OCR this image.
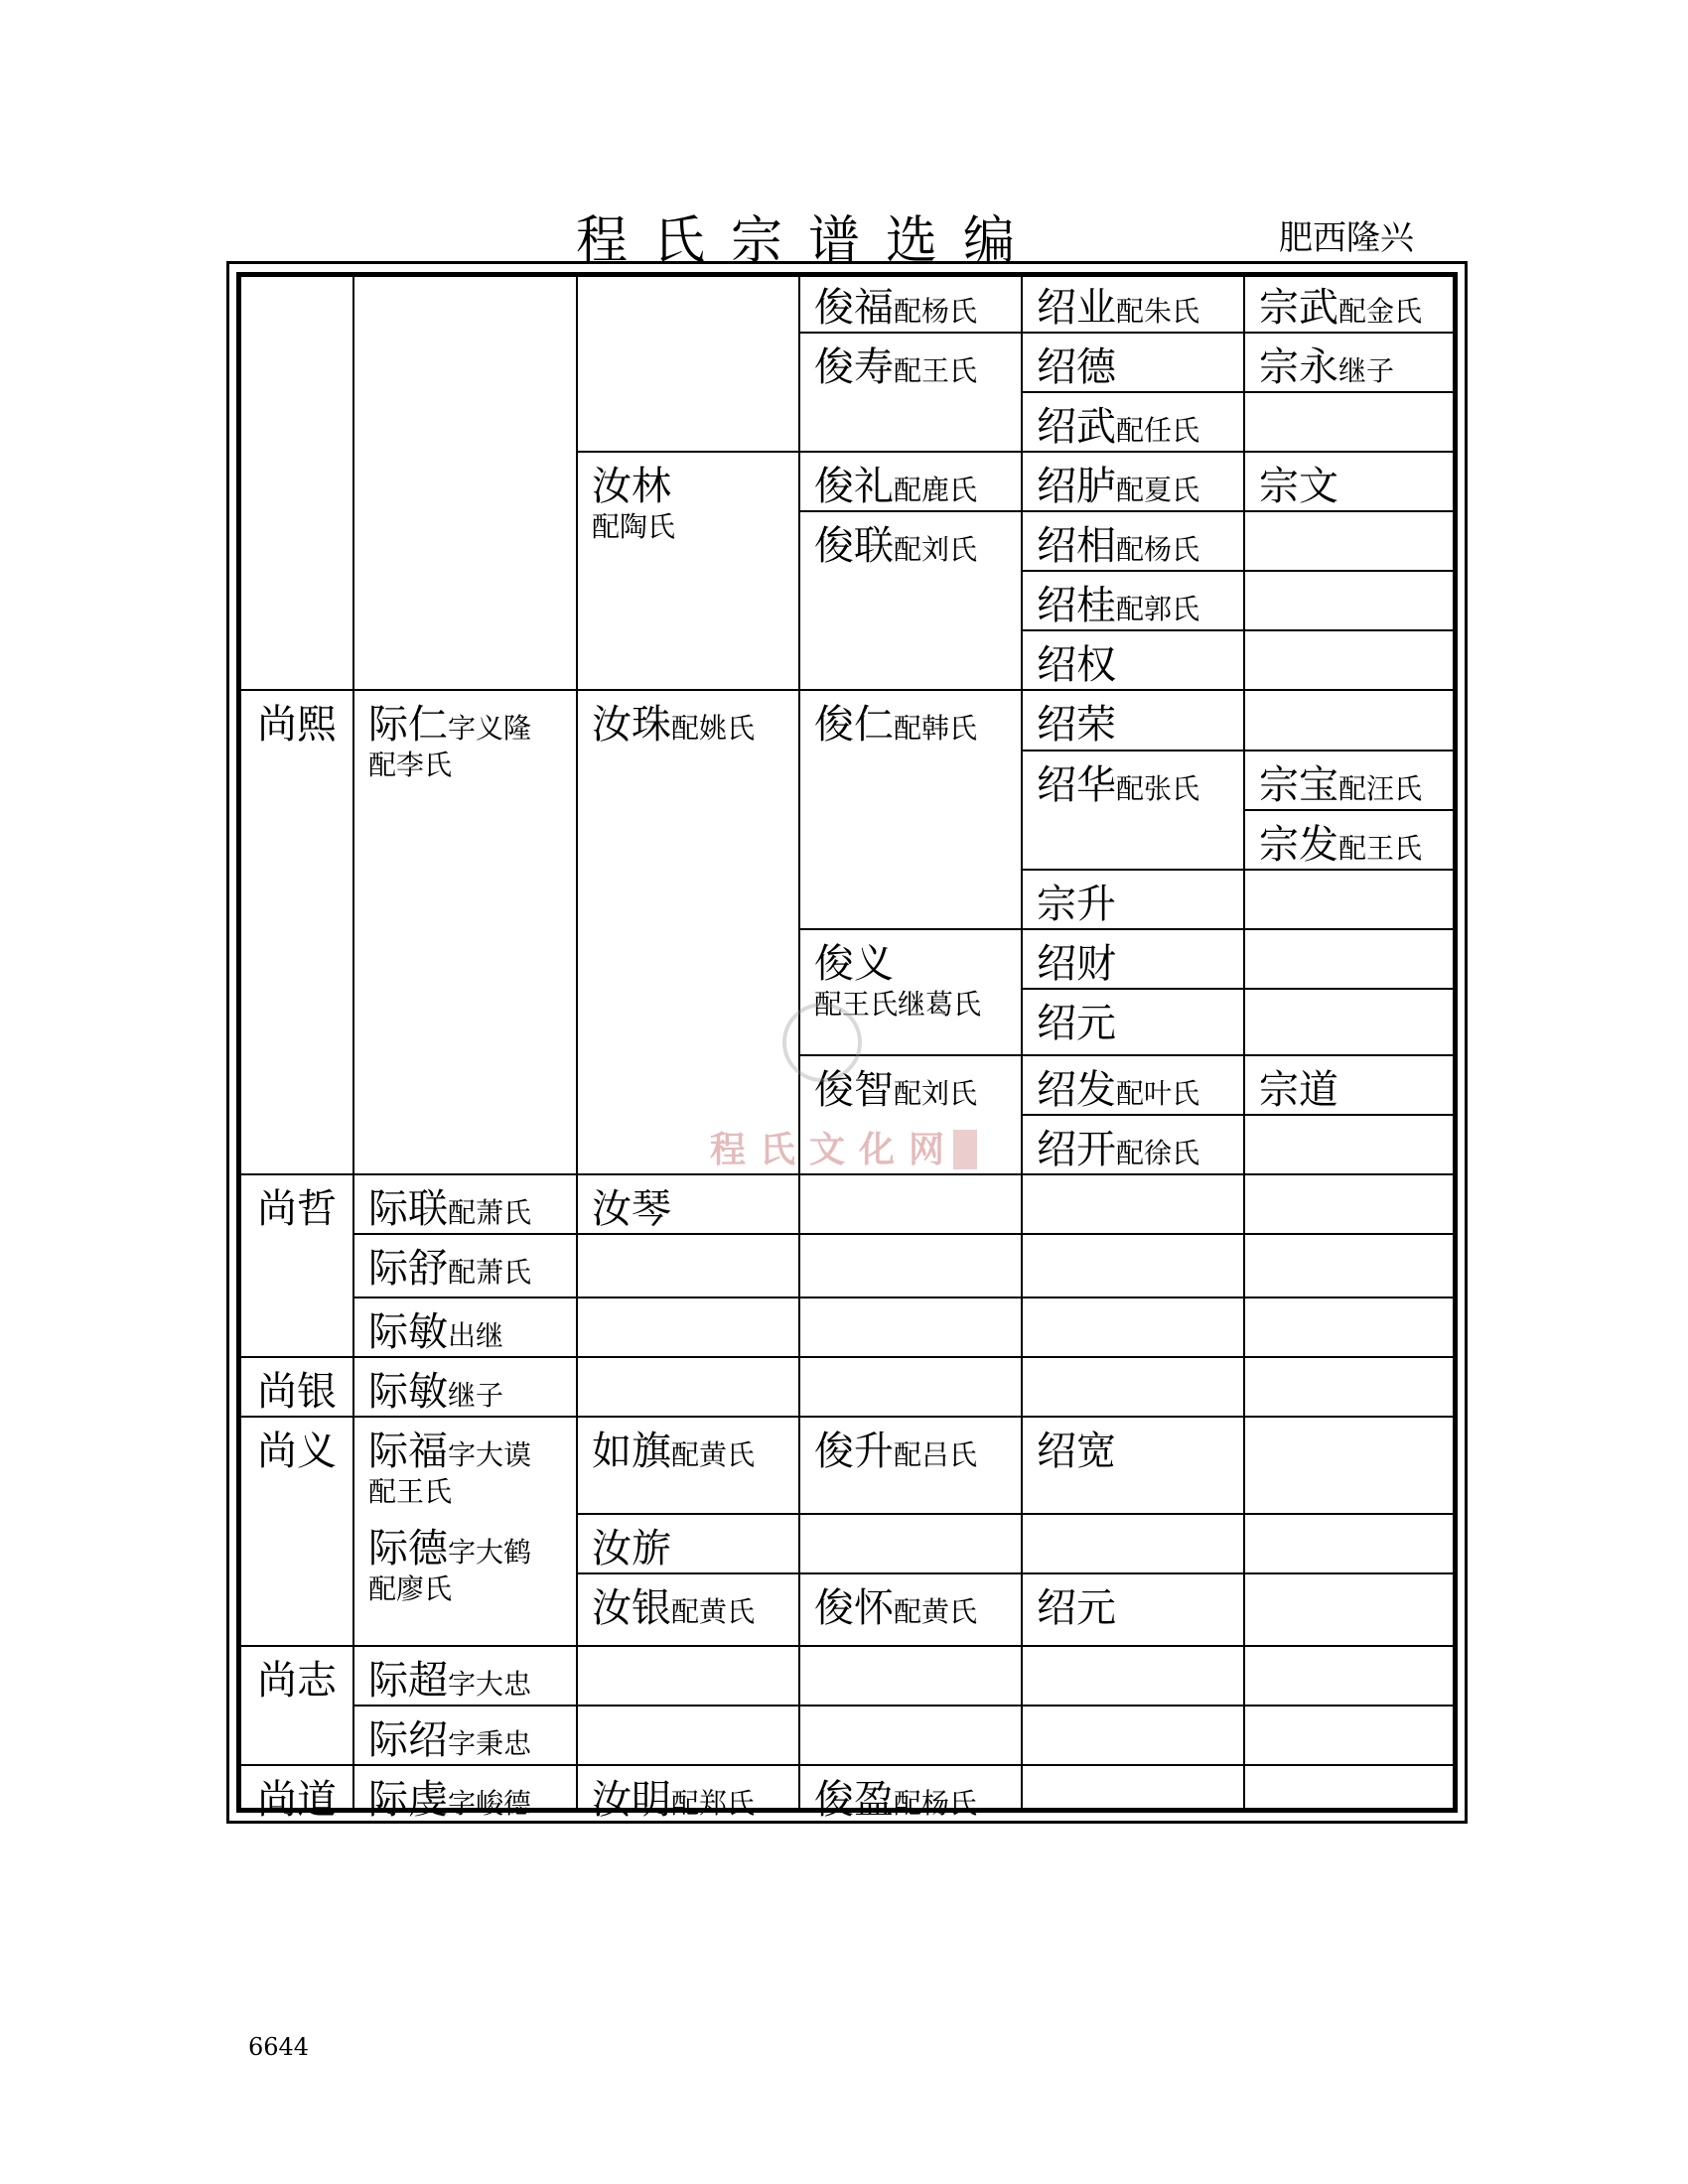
程氏宗谱选编	肥西隆兴
俊福配杨氏 绍业配朱氏 宗武配金氏
俊寿配王氏 绍德	宗永继子
绍武配任氏
汝林
配陶氏
俊礼配鹿氏 绍胪配夏氏 宗文
俊联配刘氏 绍相配杨氏
绍桂配郭氏
绍权
尚熙 际仁字义隆
配李氏
汝珠配姚氏 俊仁配韩氏 绍荣
绍华配张氏 宗宝配汪氏
宗发配王氏
宗升
俊义
配王氏继葛氏
绍财
绍元
俊智配刘氏 绍发配叶氏 宗道
绍开配徐氏
尚哲 际联配萧氏 汝琴
际舒配萧氏
际敏出继
尚银 际敏继子
尚义 际福字大谟
配王氏
如旗配黄氏 俊升配吕氏 绍宽
际德字大鹤
配廖氏
汝旂
汝银配黄氏 俊怀配黄氏 绍元
尚志 际超字大忠
际绍字秉忠
尚道 际虔字峻德 汝明配郑氏 俊盈配杨氏
程氏文化网
6644
